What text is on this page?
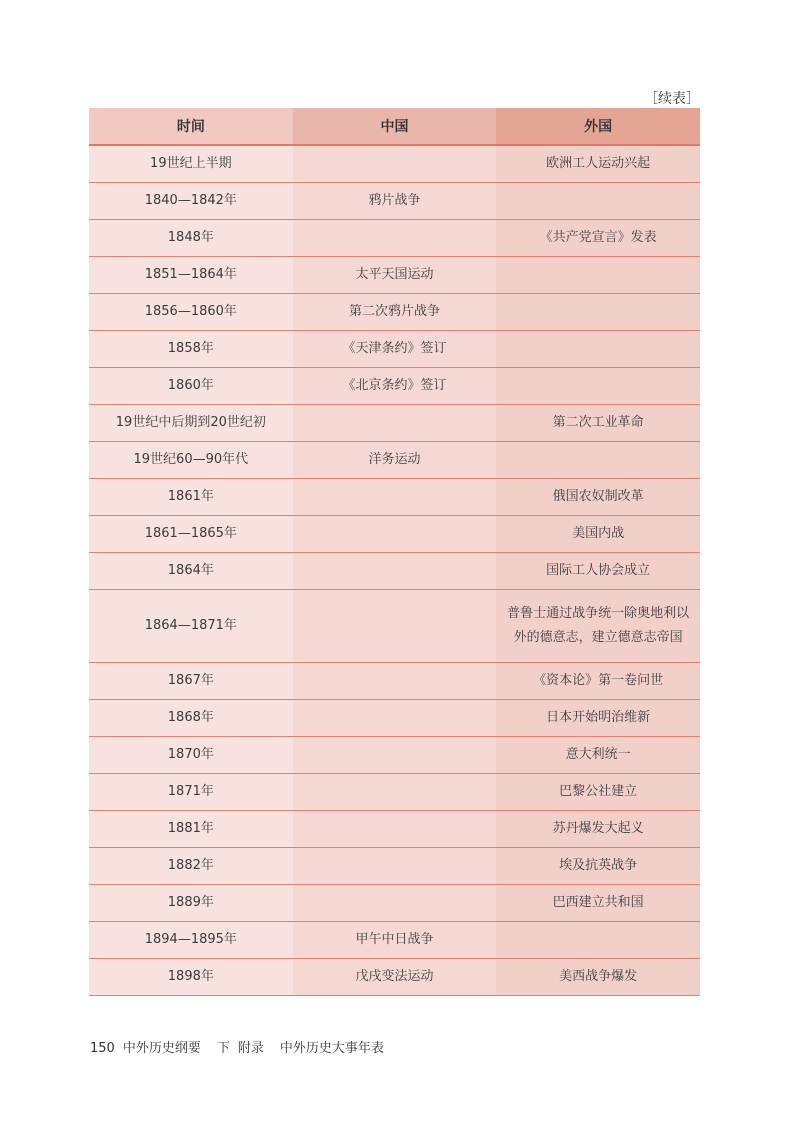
［续表］
时间	中国	外国
19世纪上半期		欧洲工人运动兴起
1840—1842年	鸦片战争	
1848年		《共产党宣言》发表
1851—1864年	太平天国运动	
1856—1860年	第二次鸦片战争	
1858年	《天津条约》签订	
1860年	《北京条约》签订	
19世纪中后期到20世纪初		第二次工业革命
19世纪60—90年代	洋务运动	
1861年		俄国农奴制改革
1861—1865年		美国内战
1864年		国际工人协会成立
1864—1871年		普鲁士通过战争统一除奥地利以外的德意志，建立德意志帝国
1867年		《资本论》第一卷问世
1868年		日本开始明治维新
1870年		意大利统一
1871年		巴黎公社建立
1881年		苏丹爆发大起义
1882年		埃及抗英战争
1889年		巴西建立共和国
1894—1895年	甲午中日战争	
1898年	戊戌变法运动	美西战争爆发
150 中外历史纲要 下 附录 中外历史大事年表
